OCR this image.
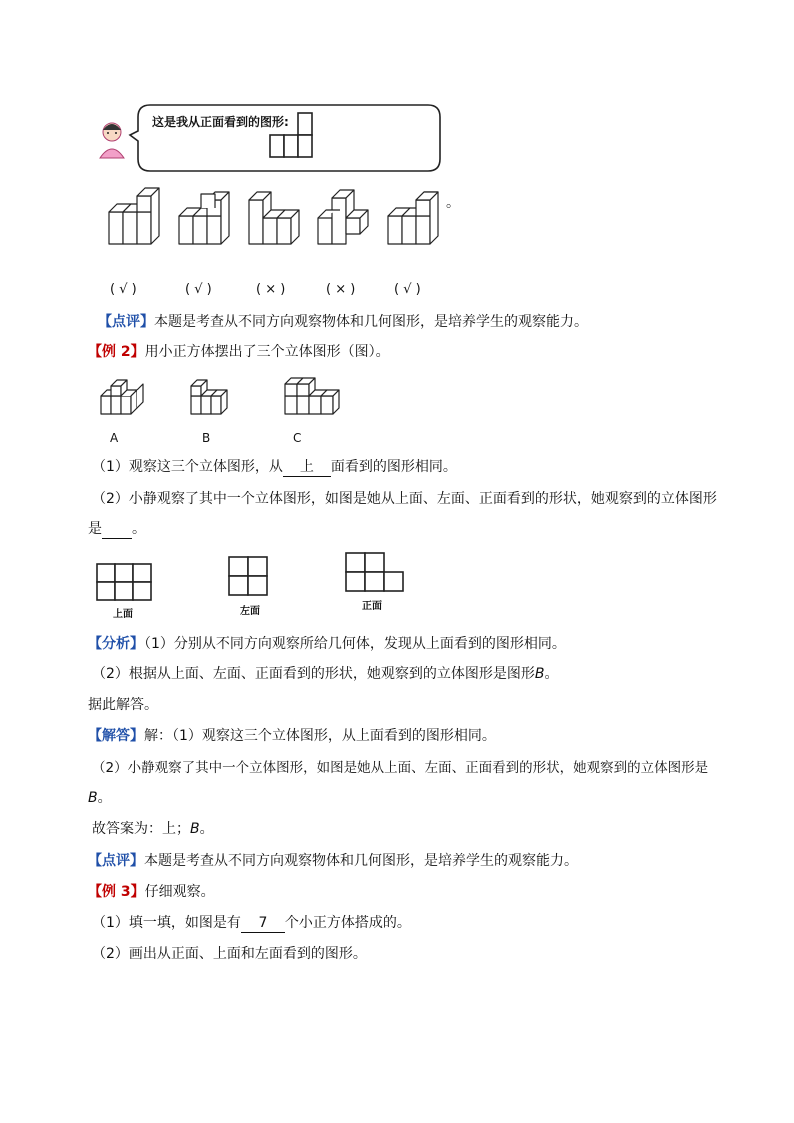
这是我从正面看到的图形:
。
( √ )	( √ )	( × )	( × )	( √ )
【点评】本题是考查从不同方向观察物体和几何图形，是培养学生的观察能力。
【例 2】用小正方体摆出了三个立体图形（图）。
A	B	C
（1）观察这三个立体图形，从 上 面看到的图形相同。
（2）小静观察了其中一个立体图形，如图是她从上面、左面、正面看到的形状，她观察到的立体图形
是 。
上面	左面	正面
【分析】（1）分别从不同方向观察所给几何体，发现从上面看到的图形相同。
（2）根据从上面、左面、正面看到的形状，她观察到的立体图形是图形B。
据此解答。
【解答】解：（1）观察这三个立体图形，从上面看到的图形相同。
（2）小静观察了其中一个立体图形，如图是她从上面、左面、正面看到的形状，她观察到的立体图形是
B。
故答案为：上；B。
【点评】本题是考查从不同方向观察物体和几何图形，是培养学生的观察能力。
【例 3】仔细观察。
（1）填一填，如图是有 7 个小正方体搭成的。
（2）画出从正面、上面和左面看到的图形。
